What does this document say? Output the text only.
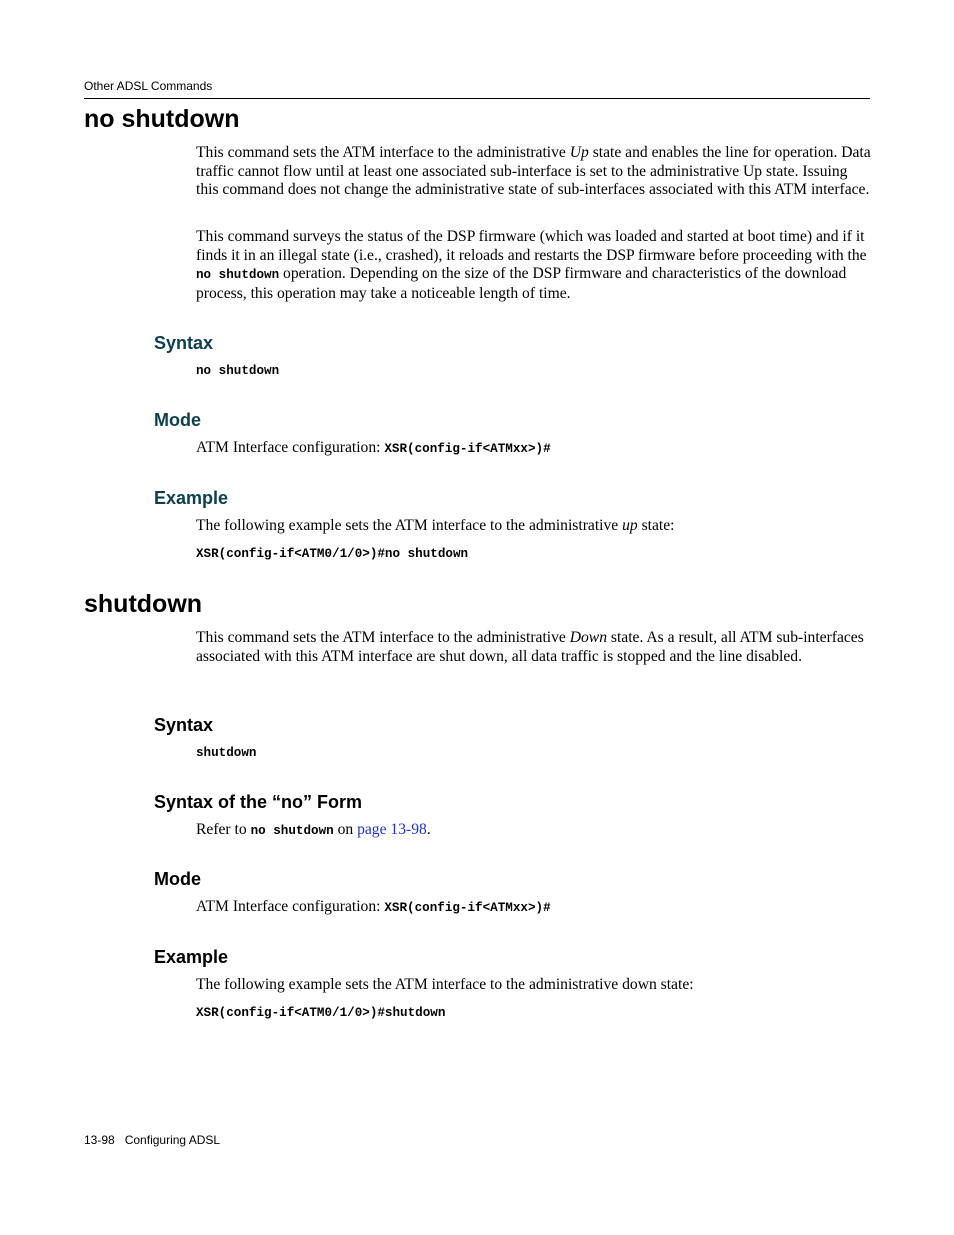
Other ADSL Commands
no shutdown

This command sets the ATM interface to the administrative Up state and enables the line for operation. Data traffic cannot flow until at least one associated sub-interface is set to the administrative Up state. Issuing this command does not change the administrative state of sub-interfaces associated with this ATM interface.

This command surveys the status of the DSP firmware (which was loaded and started at boot time) and if it finds it in an illegal state (i.e., crashed), it reloads and restarts the DSP firmware before proceeding with the no shutdown operation. Depending on the size of the DSP firmware and characteristics of the download process, this operation may take a noticeable length of time.

Syntax
no shutdown
Mode

ATM Interface configuration: XSR(config-if<ATMxx>)#

Example

The following example sets the ATM interface to the administrative up state:

XSR(config-if<ATM0/1/0>)#no shutdown
shutdown

This command sets the ATM interface to the administrative Down state. As a result, all ATM sub-interfaces associated with this ATM interface are shut down, all data traffic is stopped and the line disabled.

Syntax
shutdown
Syntax of the “no” Form

Refer to no shutdown on page 13-98.

Mode

ATM Interface configuration: XSR(config-if<ATMxx>)#

Example

The following example sets the ATM interface to the administrative down state:

XSR(config-if<ATM0/1/0>)#shutdown
13-98 Configuring ADSL
